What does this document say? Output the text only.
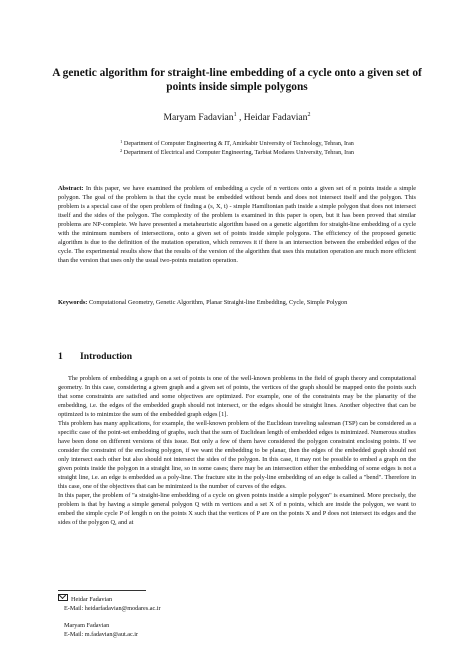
A genetic algorithm for straight-line embedding of a cycle onto a given set of points inside simple polygons
Maryam Fadavian$^1$ , Heidar Fadavian$^2$
$^1$ Department of Computer Engineering & IT, Amirkabir University of Technology, Tehran, Iran
$^2$ Department of Electrical and Computer Engineering, Tarbiat Modares University, Tehran, Iran
Abstract: In this paper, we have examined the problem of embedding a cycle of n vertices onto a given set of n points inside a simple polygon. The goal of the problem is that the cycle must be embedded without bends and does not intersect itself and the polygon. This problem is a special case of the open problem of finding a (s, X, t) - simple Hamiltonian path inside a simple polygon that does not intersect itself and the sides of the polygon. The complexity of the problem is examined in this paper is open, but it has been proved that similar problems are NP-complete. We have presented a metaheuristic algorithm based on a genetic algorithm for straight-line embedding of a cycle with the minimum numbers of intersections, onto a given set of points inside simple polygons. The efficiency of the proposed genetic algorithm is due to the definition of the mutation operation, which removes it if there is an intersection between the embedded edges of the cycle. The experimental results show that the results of the version of the algorithm that uses this mutation operation are much more efficient than the version that uses only the usual two-points mutation operation.
Keywords: Computational Geometry, Genetic Algorithm, Planar Straight-line Embedding, Cycle, Simple Polygon
1 Introduction

The problem of embedding a graph on a set of points is one of the well-known problems in the field of graph theory and computational geometry. In this case, considering a given graph and a given set of points, the vertices of the graph should be mapped onto the points such that some constraints are satisfied and some objectives are optimized. For example, one of the constraints may be the planarity of the embedding, i.e. the edges of the embedded graph should not intersect, or the edges should be straight lines. Another objective that can be optimized is to minimize the sum of the embedded graph edges [1].

This problem has many applications, for example, the well-known problem of the Euclidean traveling salesman (TSP) can be considered as a specific case of the point-set embedding of graphs, such that the sum of Euclidean length of embedded edges is minimized. Numerous studies have been done on different versions of this issue. But only a few of them have considered the polygon constraint enclosing points. If we consider the constraint of the enclosing polygon, if we want the embedding to be planar, then the edges of the embedded graph should not only intersect each other but also should not intersect the sides of the polygon. In this case, it may not be possible to embed a graph on the given points inside the polygon in a straight line, so in some cases; there may be an intersection either the embedding of some edges is not a straight line, i.e. an edge is embedded as a poly-line. The fracture site in the poly-line embedding of an edge is called a "bend". Therefore in this case, one of the objectives that can be minimized is the number of curves of the edges.

In this paper, the problem of "a straight-line embedding of a cycle on given points inside a simple polygon" is examined. More precisely, the problem is that by having a simple general polygon Q with m vertices and a set X of n points, which are inside the polygon, we want to embed the simple cycle P of length n on the points X such that the vertices of P are on the points X and P does not intersect its edges and the sides of the polygon Q, and at

Heidar Fadavian
E-Mail: heidarfadavian@modares.ac.ir
Maryam Fadavian
E-Mail: m.fadavian@aut.ac.ir
